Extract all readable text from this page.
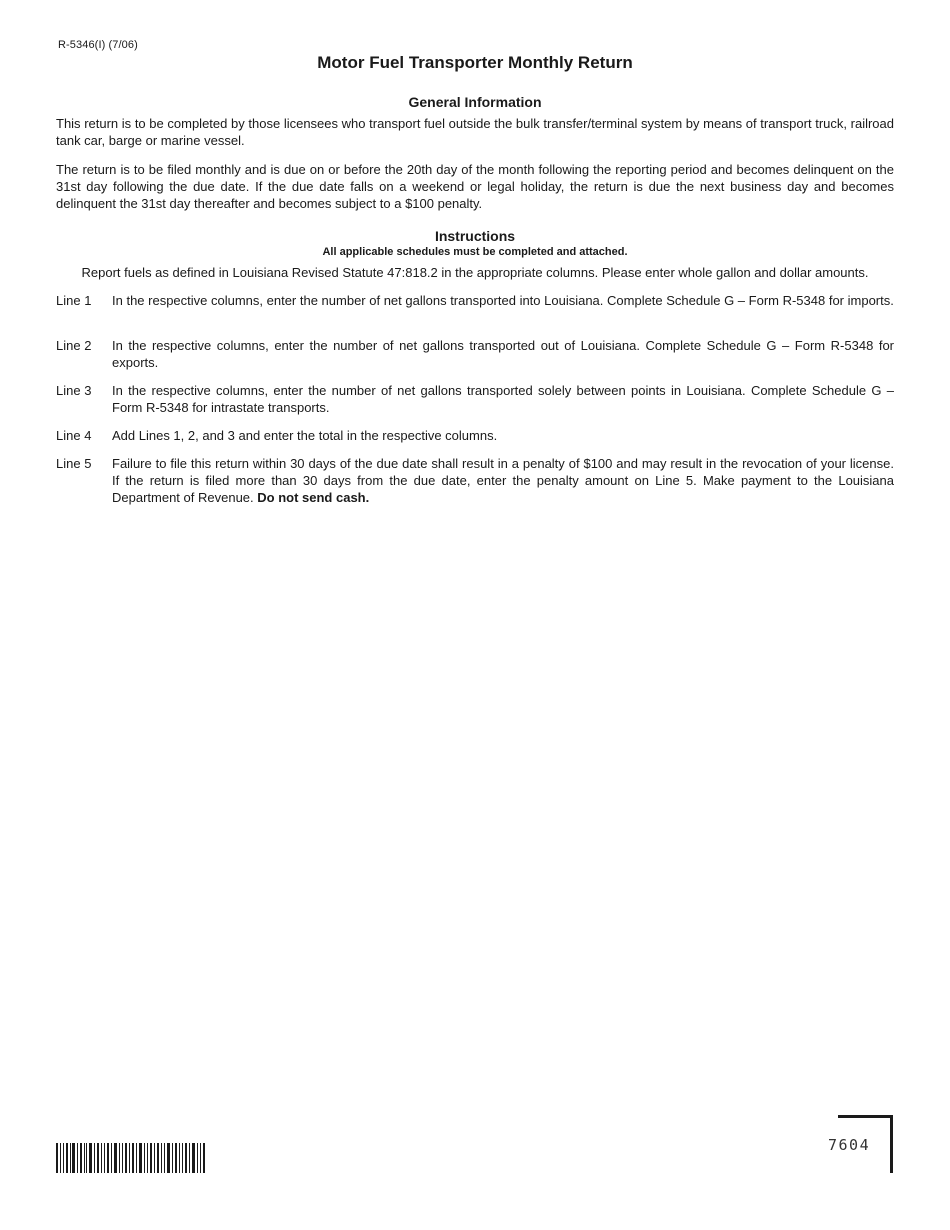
R-5346(I) (7/06)
Motor Fuel Transporter Monthly Return
General Information

This return is to be completed by those licensees who transport fuel outside the bulk transfer/terminal system by means of transport truck, railroad tank car, barge or marine vessel.

The return is to be filed monthly and is due on or before the 20th day of the month following the reporting period and becomes delinquent on the 31st day following the due date. If the due date falls on a weekend or legal holiday, the return is due the next business day and becomes delinquent the 31st day thereafter and becomes subject to a $100 penalty.

Instructions
All applicable schedules must be completed and attached.

Report fuels as defined in Louisiana Revised Statute 47:818.2 in the appropriate columns. Please enter whole gallon and dollar amounts.

Line 1	In the respective columns, enter the number of net gallons transported into Louisiana. Complete Schedule G – Form R-5348 for imports.
Line 2	In the respective columns, enter the number of net gallons transported out of Louisiana. Complete Schedule G – Form R-5348 for exports.
Line 3	In the respective columns, enter the number of net gallons transported solely between points in Louisiana. Complete Schedule G – Form R-5348 for intrastate transports.
Line 4	Add Lines 1, 2, and 3 and enter the total in the respective columns.
Line 5	Failure to file this return within 30 days of the due date shall result in a penalty of $100 and may result in the revocation of your license. If the return is filed more than 30 days from the due date, enter the penalty amount on Line 5. Make payment to the Louisiana Department of Revenue. Do not send cash.
7604
